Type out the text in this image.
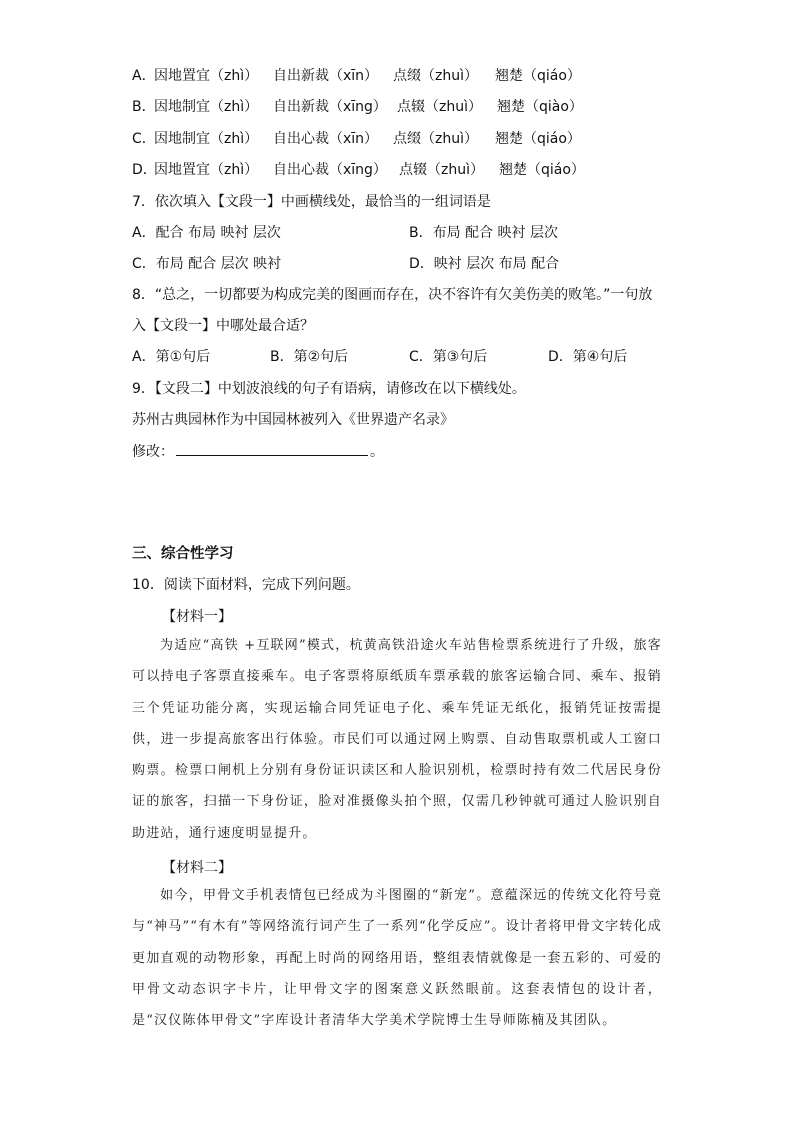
A．
因地置宜（zhì） 自出新裁（xīn） 点缀（zhuì） 翘楚（qiáo）
B．
因地制宜（zhì） 自出新裁（xīng） 点辍（zhuì） 翘楚（qiào）
C．
因地制宜（zhì） 自出心裁（xīn） 点缀（zhuì） 翘楚（qiáo）
D．
因地置宜（zhì） 自出心裁（xīng） 点辍（zhuì） 翘楚（qiáo）
7．依次填入【文段一】中画横线处，最恰当的一组词语是
A．配合 布局 映衬 层次	B．布局 配合 映衬 层次
C．布局 配合 层次 映衬	D．映衬 层次 布局 配合
8．“总之，一切都要为构成完美的图画而存在，决不容许有欠美伤美的败笔。”一句放
入【文段一】中哪处最合适？
A．第①句后	B．第②句后	C．第③句后	D．第④句后
9．【文段二】中划波浪线的句子有语病，请修改在以下横线处。
苏州古典园林作为中国园林被列入《世界遗产名录》
修改：	。
三、综合性学习
10．阅读下面材料，完成下列问题。
【材料一】
为适应“高铁 +互联网”模式，杭黄高铁沿途火车站售检票系统进行了升级，旅客可以持电子客票直接乘车。电子客票将原纸质车票承载的旅客运输合同、乘车、报销三个凭证功能分离，实现运输合同凭证电子化、乘车凭证无纸化，报销凭证按需提供，进一步提高旅客出行体验。市民们可以通过网上购票、自动售取票机或人工窗口购票。检票口闸机上分别有身份证识读区和人脸识别机，检票时持有效二代居民身份证的旅客，扫描一下身份证，脸对准摄像头拍个照，仅需几秒钟就可通过人脸识别自助进站，通行速度明显提升。
【材料二】
如今，甲骨文手机表情包已经成为斗图圈的“新宠”。意蕴深远的传统文化符号竟与“神马”“有木有”等网络流行词产生了一系列“化学反应”。设计者将甲骨文字转化成更加直观的动物形象，再配上时尚的网络用语，整组表情就像是一套五彩的、可爱的甲骨文动态识字卡片，让甲骨文字的图案意义跃然眼前。这套表情包的设计者，是“汉仪陈体甲骨文”字库设计者清华大学美术学院博士生导师陈楠及其团队。
